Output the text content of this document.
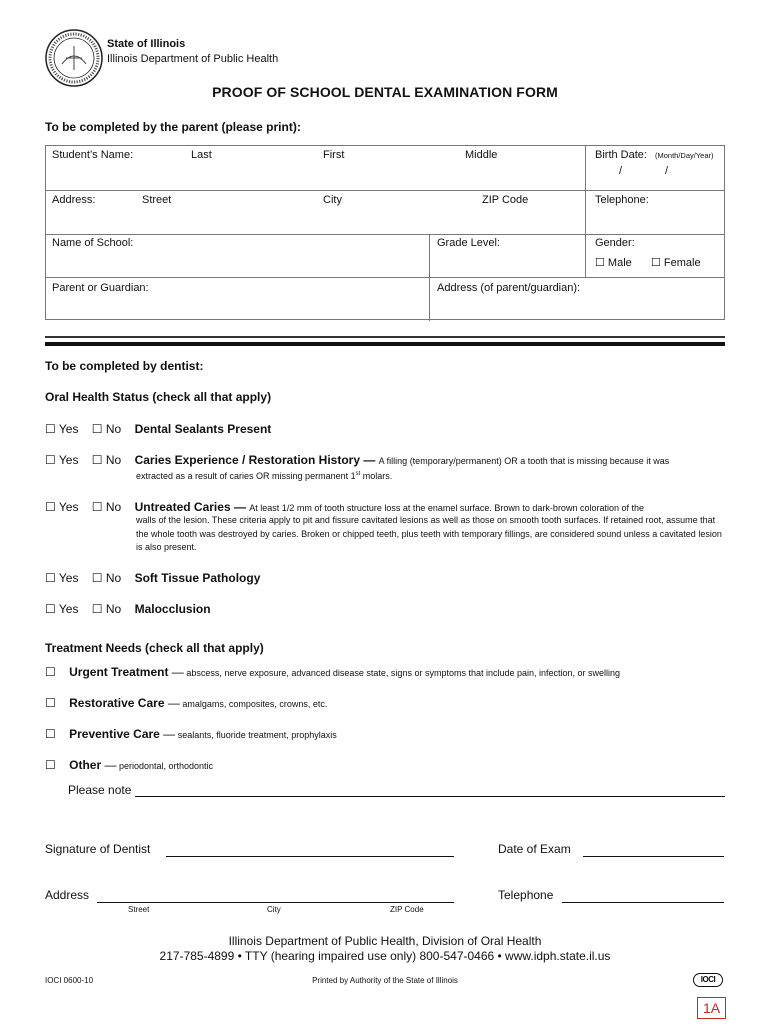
State of Illinois
Illinois Department of Public Health
PROOF OF SCHOOL DENTAL EXAMINATION FORM
To be completed by the parent (please print):
Student’s Name:	Last	First	Middle	Birth Date: (Month/Day/Year)
/	/
Address:	Street	City	ZIP Code	Telephone:
Name of School:	Grade Level:	Gender:
☐ Male ☐ Female
Parent or Guardian:	Address (of parent/guardian):
To be completed by dentist:
Oral Health Status (check all that apply)
☐ Yes ☐ No Dental Sealants Present
☐ Yes ☐ No Caries Experience / Restoration History — A filling (temporary/permanent) OR a tooth that is missing because it was
extracted as a result of caries OR missing permanent 1st molars.
☐ Yes ☐ No Untreated Caries — At least 1/2 mm of tooth structure loss at the enamel surface. Brown to dark-brown coloration of the
walls of the lesion. These criteria apply to pit and fissure cavitated lesions as well as those on smooth tooth surfaces. If retained root, assume that the whole tooth was destroyed by caries. Broken or chipped teeth, plus teeth with temporary fillings, are considered sound unless a cavitated lesion is also present.
☐ Yes ☐ No Soft Tissue Pathology
☐ Yes ☐ No Malocclusion
Treatment Needs (check all that apply)
☐ Urgent Treatment — abscess, nerve exposure, advanced disease state, signs or symptoms that include pain, infection, or swelling
☐ Restorative Care — amalgams, composites, crowns, etc.
☐ Preventive Care — sealants, fluoride treatment, prophylaxis
☐ Other — periodontal, orthodontic
Please note
Signature of Dentist	Date of Exam
Address	Telephone
Street	City	ZIP Code
Illinois Department of Public Health, Division of Oral Health
217-785-4899 • TTY (hearing impaired use only) 800-547-0466 • www.idph.state.il.us
IOCI 0600-10	Printed by Authority of the State of Illinois	IOCI
1A
